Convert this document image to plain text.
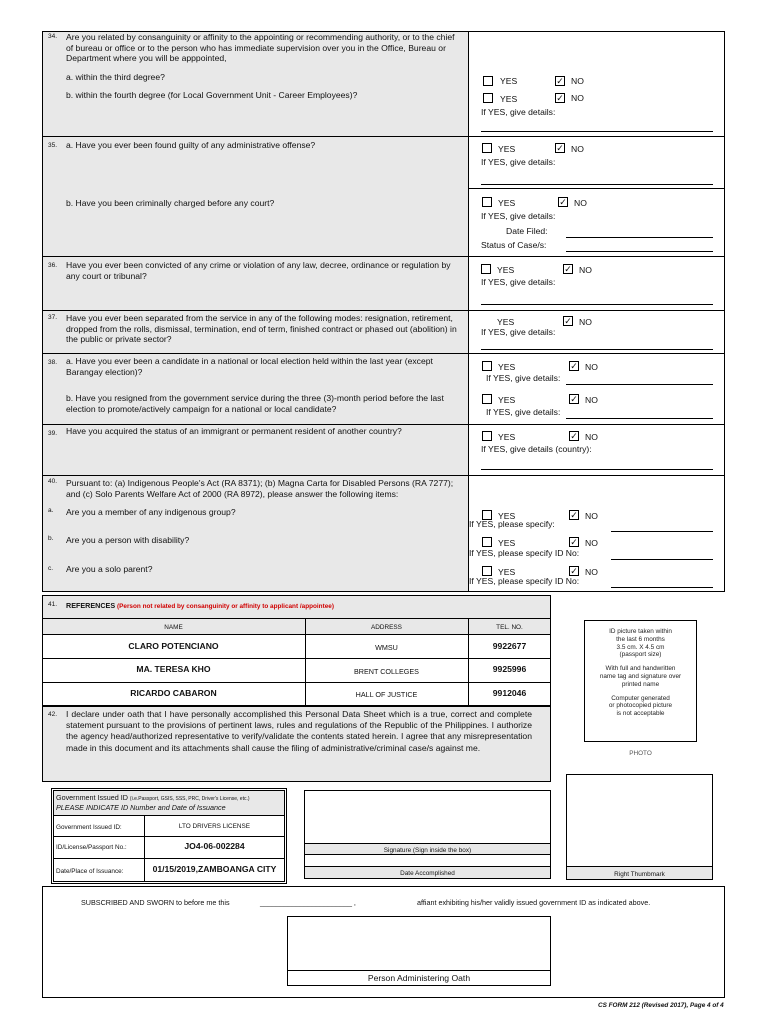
34. Are you related by consanguinity or affinity to the appointing or recommending authority, or to the chief of bureau or office or to the person who has immediate supervision over you in the Office, Bureau or Department where you will be apppointed,
a. within the third degree?
b. within the fourth degree (for Local Government Unit - Career Employees)?
YES	✓ NO
YES	✓ NO
If YES, give details:
35. a. Have you ever been found guilty of any administrative offense?
b. Have you been criminally charged before any court?
YES	✓ NO
If YES, give details:
YES	✓ NO
If YES, give details:
Date Filed:
Status of Case/s:
36. Have you ever been convicted of any crime or violation of any law, decree, ordinance or regulation by any court or tribunal?
YES	✓ NO
If YES, give details:
37. Have you ever been separated from the service in any of the following modes: resignation, retirement, dropped from the rolls, dismissal, termination, end of term, finished contract or phased out (abolition) in the public or private sector?
YES	✓ NO
If YES, give details:
38. a. Have you ever been a candidate in a national or local election held within the last year (except Barangay election)?
b. Have you resigned from the government service during the three (3)-month period before the last election to promote/actively campaign for a national or local candidate?
YES	✓ NO
If YES, give details:
YES	✓ NO
If YES, give details:
39. Have you acquired the status of an immigrant or permanent resident of another country?
YES	✓ NO
If YES, give details (country):
40. Pursuant to: (a) Indigenous People's Act (RA 8371); (b) Magna Carta for Disabled Persons (RA 7277); and (c) Solo Parents Welfare Act of 2000 (RA 8972), please answer the following items:
a. Are you a member of any indigenous group?
b. Are you a person with disability?
c. Are you a solo parent?
YES	✓ NO
If YES, please specify:
YES	✓ NO
If YES, please specify ID No:
YES	✓ NO
If YES, please specify ID No:
41. REFERENCES (Person not related by consanguinity or affinity to applicant /appointee)
NAME	ADDRESS	TEL. NO.
CLARO POTENCIANO	WMSU	9922677
MA. TERESA KHO	BRENT COLLEGES	9925996
RICARDO CABARON	HALL OF JUSTICE	9912046
ID picture taken within
the last 6 months
3.5 cm. X 4.5 cm
(passport size)
With full and handwritten
name tag and signature over
printed name
Computer generated
or photocopied picture
is not acceptable
PHOTO
42. I declare under oath that I have personally accomplished this Personal Data Sheet which is a true, correct and complete statement pursuant to the provisions of pertinent laws, rules and regulations of the Republic of the Philippines. I authorize the agency head/authorized representative to verify/validate the contents stated herein. I agree that any misrepresentation made in this document and its attachments shall cause the filing of administrative/criminal case/s against me.
Government Issued ID (i.e.Passport, GSIS, SSS, PRC, Driver's License, etc.)
PLEASE INDICATE ID Number and Date of Issuance
Government Issued ID:	LTO DRIVERS LICENSE
ID/License/Passport No.:	JO4-06-002284
Date/Place of Issuance:	01/15/2019,ZAMBOANGA CITY
Signature (Sign inside the box)
Date Accomplished	Right Thumbmark
SUBSCRIBED AND SWORN to before me this	_______________________ ,	affiant exhibiting his/her validly issued government ID as indicated above.
Person Administering Oath
CS FORM 212 (Revised 2017), Page 4 of 4
